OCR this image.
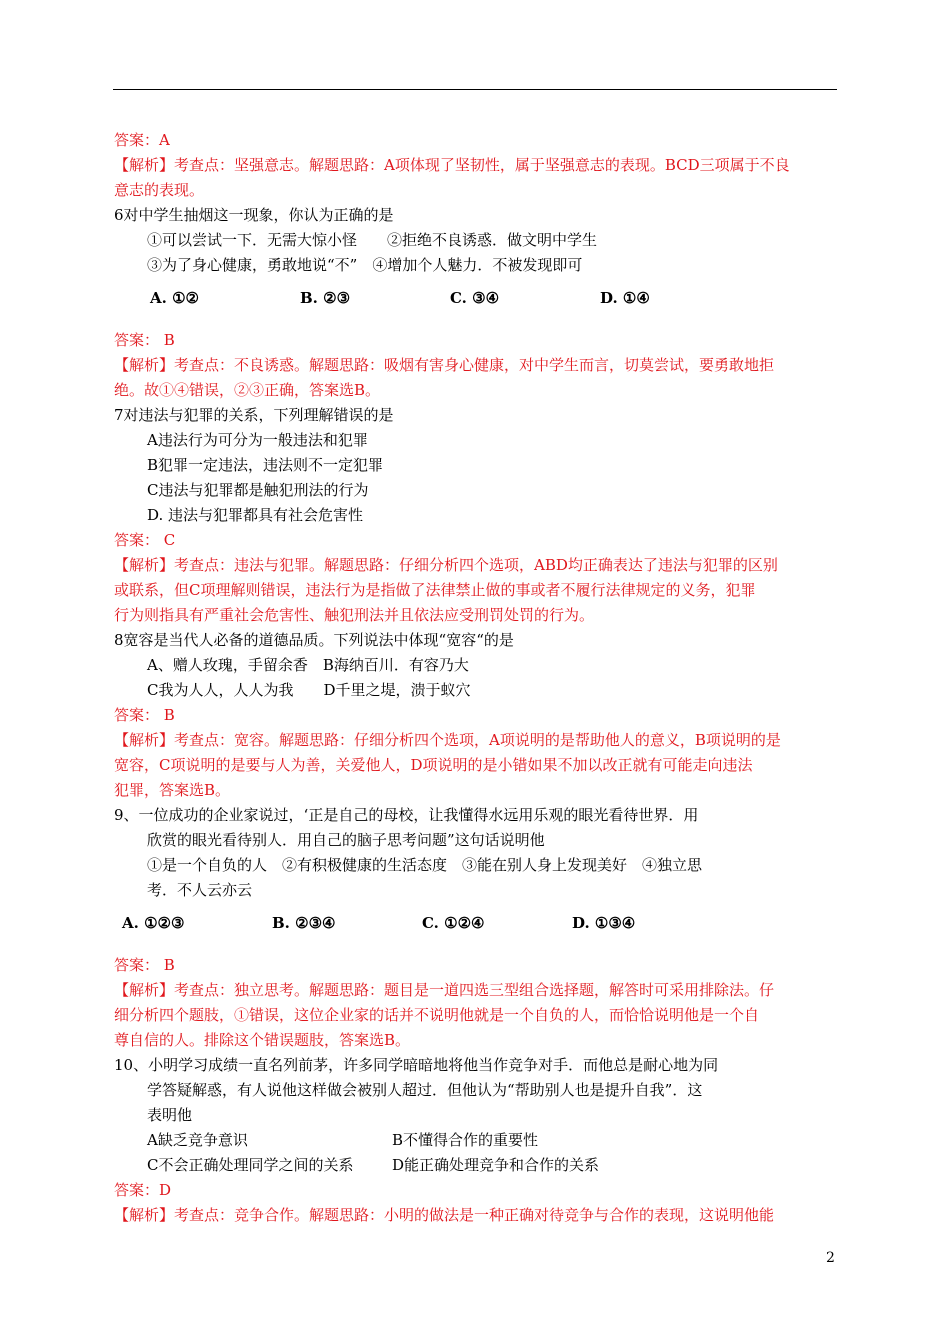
答案：A
【解析】考查点：坚强意志。解题思路：A项体现了坚韧性，属于坚强意志的表现。BCD三项属于不良
意志的表现。
6对中学生抽烟这一现象，你认为正确的是
①可以尝试一下．无需大惊小怪　　②拒绝不良诱惑．做文明中学生
③为了身心健康，勇敢地说“不”　④增加个人魅力．不被发现即可
A. ①②	B. ②③	C. ③④	D. ①④
答案： B
【解析】考查点：不良诱惑。解题思路：吸烟有害身心健康，对中学生而言，切莫尝试，要勇敢地拒
绝。故①④错误，②③正确，答案选B。
7对违法与犯罪的关系，下列理解错误的是
A违法行为可分为一般违法和犯罪
B犯罪一定违法，违法则不一定犯罪
C违法与犯罪都是触犯刑法的行为
D. 违法与犯罪都具有社会危害性
答案： C
【解析】考查点：违法与犯罪。解题思路：仔细分析四个选项，ABD均正确表达了违法与犯罪的区别
或联系，但C项理解则错误，违法行为是指做了法律禁止做的事或者不履行法律规定的义务，犯罪
行为则指具有严重社会危害性、触犯刑法并且依法应受刑罚处罚的行为。
8宽容是当代人必备的道德品质。下列说法中体现“宽容“的是
A、赠人玫瑰，手留余香　B海纳百川．有容乃大
C我为人人，人人为我　　D千里之堤，溃于蚁穴
答案： B
【解析】考查点：宽容。解题思路：仔细分析四个选项，A项说明的是帮助他人的意义，B项说明的是
宽容，C项说明的是要与人为善，关爱他人，D项说明的是小错如果不加以改正就有可能走向违法
犯罪，答案选B。
9、一位成功的企业家说过，‘正是自己的母校，让我懂得水远用乐观的眼光看待世界．用
欣赏的眼光看待别人．用自己的脑子思考问题”这句话说明他
①是一个自负的人　②有积极健康的生活态度　③能在别人身上发现美好　④独立思
考．不人云亦云
A. ①②③	B. ②③④	C. ①②④	D. ①③④
答案： B
【解析】考查点：独立思考。解题思路：题目是一道四选三型组合选择题，解答时可采用排除法。仔
细分析四个题肢，①错误，这位企业家的话并不说明他就是一个自负的人，而恰恰说明他是一个自
尊自信的人。排除这个错误题肢，答案选B。
10、小明学习成绩一直名列前茅，许多同学暗暗地将他当作竞争对手．而他总是耐心地为同
学答疑解惑，有人说他这样做会被别人超过．但他认为“帮助别人也是提升自我”．这
表明他
A缺乏竞争意识	B不懂得合作的重要性
C不会正确处理同学之间的关系	D能正确处理竞争和合作的关系
答案：D
【解析】考查点：竞争合作。解题思路：小明的做法是一种正确对待竞争与合作的表现，这说明他能
2
